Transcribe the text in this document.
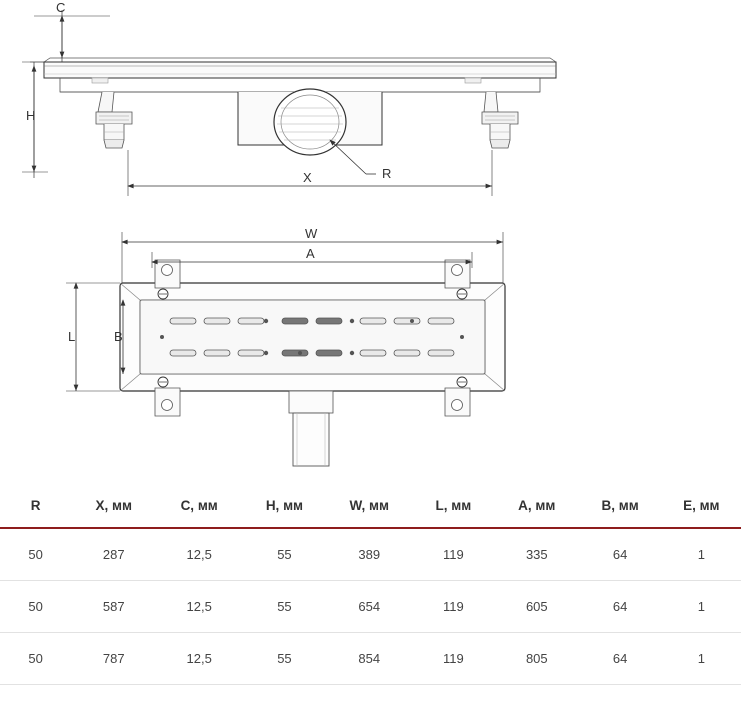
R
C
H
X
W
A
L	B
R	X, мм	C, мм	H, мм	W, мм	L, мм	A, мм	B, мм	E, мм
50	287	12,5	55	389	119	335	64	1
50	587	12,5	55	654	119	605	64	1
50	787	12,5	55	854	119	805	64	1
